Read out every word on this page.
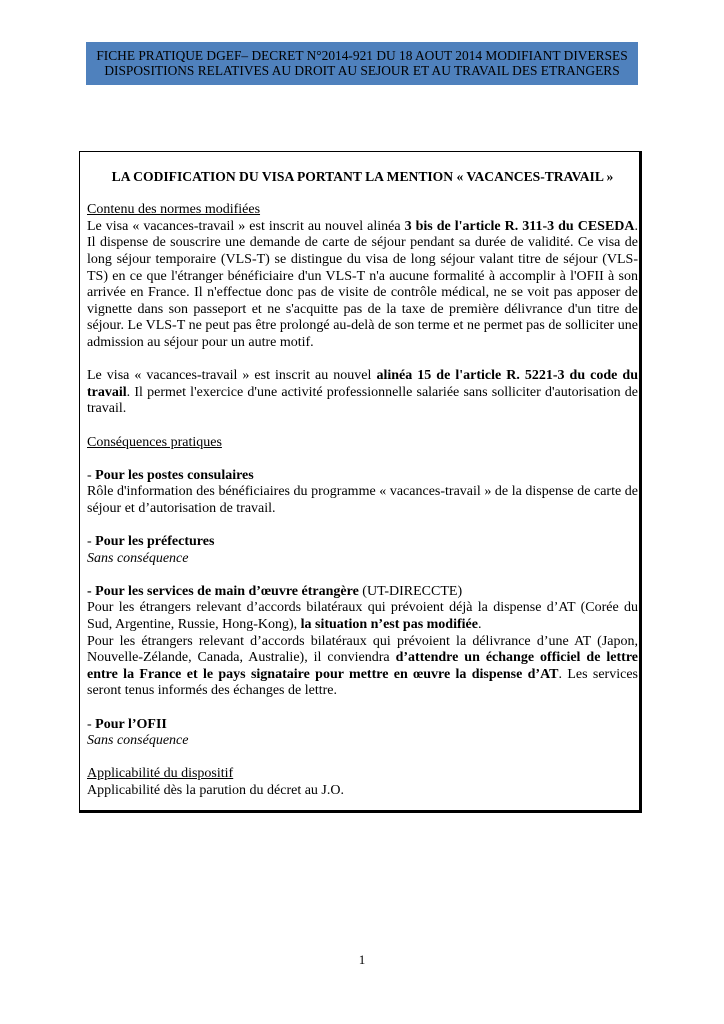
FICHE PRATIQUE DGEF– DECRET N°2014-921 DU 18 AOUT 2014 MODIFIANT DIVERSES
DISPOSITIONS RELATIVES AU DROIT AU SEJOUR ET AU TRAVAIL DES ETRANGERS

LA CODIFICATION DU VISA PORTANT LA MENTION « VACANCES-TRAVAIL »

Contenu des normes modifiées

Le visa « vacances-travail » est inscrit au nouvel alinéa 3 bis de l'article R. 311-3 du CESEDA. Il dispense de souscrire une demande de carte de séjour pendant sa durée de validité. Ce visa de long séjour temporaire (VLS-T) se distingue du visa de long séjour valant titre de séjour (VLS-TS) en ce que l'étranger bénéficiaire d'un VLS-T n'a aucune formalité à accomplir à l'OFII à son arrivée en France. Il n'effectue donc pas de visite de contrôle médical, ne se voit pas apposer de vignette dans son passeport et ne s'acquitte pas de la taxe de première délivrance d'un titre de séjour. Le VLS-T ne peut pas être prolongé au-delà de son terme et ne permet pas de solliciter une admission au séjour pour un autre motif.

Le visa « vacances-travail » est inscrit au nouvel alinéa 15 de l'article R. 5221-3 du code du travail. Il permet l'exercice d'une activité professionnelle salariée sans solliciter d'autorisation de travail.

Conséquences pratiques

- Pour les postes consulaires

Rôle d'information des bénéficiaires du programme « vacances-travail » de la dispense de carte de séjour et d’autorisation de travail.

- Pour les préfectures

Sans conséquence

- Pour les services de main d’œuvre étrangère (UT-DIRECCTE)

Pour les étrangers relevant d’accords bilatéraux qui prévoient déjà la dispense d’AT (Corée du Sud, Argentine, Russie, Hong-Kong), la situation n’est pas modifiée.

Pour les étrangers relevant d’accords bilatéraux qui prévoient la délivrance d’une AT (Japon, Nouvelle-Zélande, Canada, Australie), il conviendra d’attendre un échange officiel de lettre entre la France et le pays signataire pour mettre en œuvre la dispense d’AT. Les services seront tenus informés des échanges de lettre.

- Pour l’OFII

Sans conséquence

Applicabilité du dispositif

Applicabilité dès la parution du décret au J.O.

1
